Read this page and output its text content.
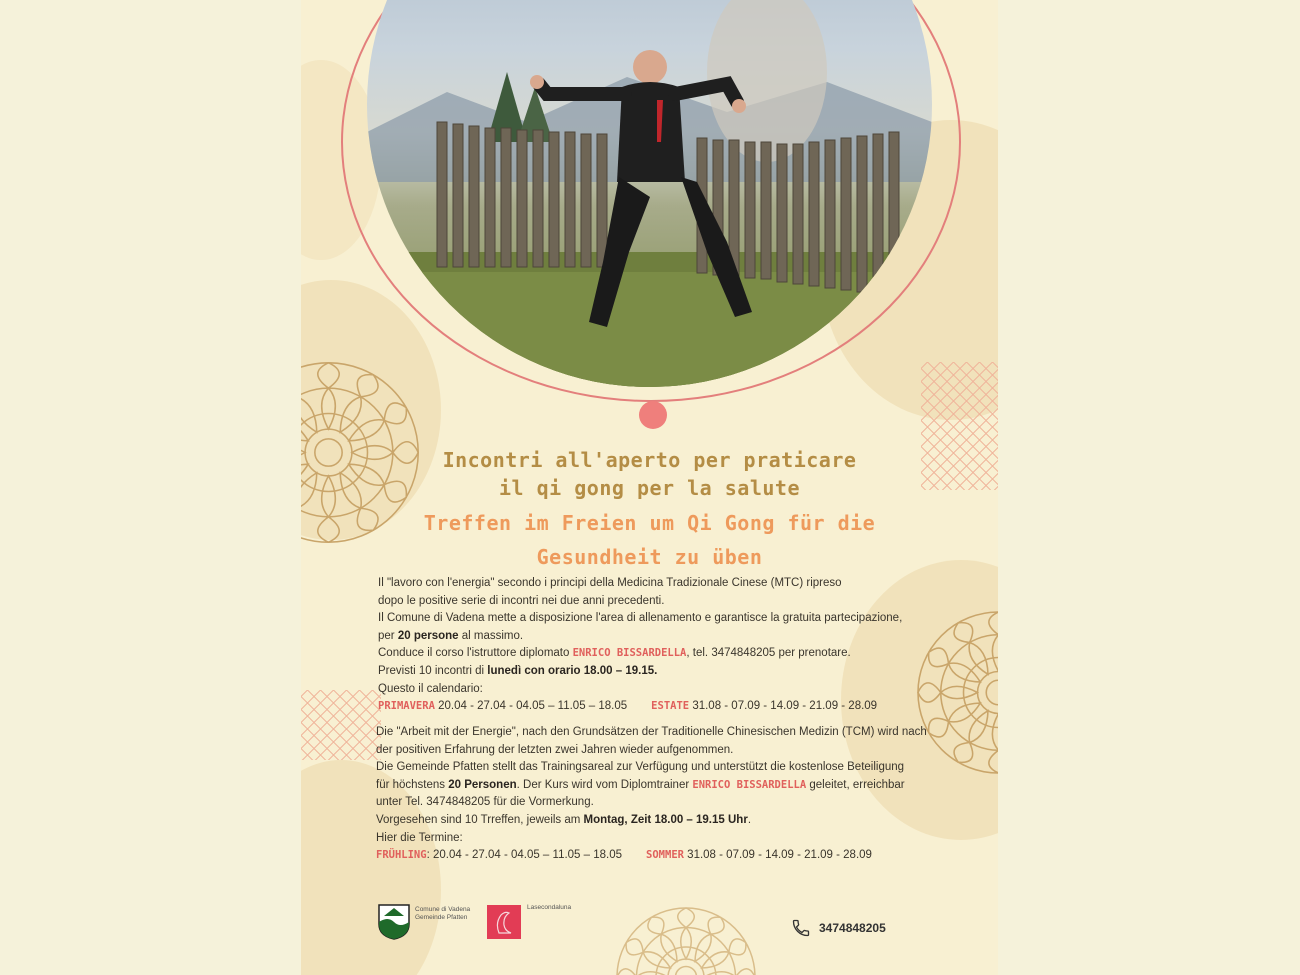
Incontri all'aperto per praticare
il qi gong per la salute
Treffen im Freien um Qi Gong für die
Gesundheit zu üben

Il "lavoro con l'energia" secondo i principi della Medicina Tradizionale Cinese (MTC) ripreso

dopo le positive serie di incontri nei due anni precedenti.

Il Comune di Vadena mette a disposizione l'area di allenamento e garantisce la gratuita partecipazione,

per 20 persone al massimo.

Conduce il corso l'istruttore diplomato ENRICO BISSARDELLA, tel. 3474848205 per prenotare.

Previsti 10 incontri di lunedì con orario 18.00 – 19.15.

Questo il calendario:

PRIMAVERA 20.04 - 27.04 - 04.05 – 11.05 – 18.05 ESTATE 31.08 - 07.09 - 14.09 - 21.09 - 28.09

Die "Arbeit mit der Energie", nach den Grundsätzen der Traditionelle Chinesischen Medizin (TCM) wird nach

der positiven Erfahrung der letzten zwei Jahren wieder aufgenommen.

Die Gemeinde Pfatten stellt das Trainingsareal zur Verfügung und unterstützt die kostenlose Beteiligung

für höchstens 20 Personen. Der Kurs wird vom Diplomtrainer ENRICO BISSARDELLA geleitet, erreichbar

unter Tel. 3474848205 für die Vormerkung.

Vorgesehen sind 10 Trreffen, jeweils am Montag, Zeit 18.00 – 19.15 Uhr.

Hier die Termine:

FRÜHLING: 20.04 - 27.04 - 04.05 – 11.05 – 18.05 SOMMER 31.08 - 07.09 - 14.09 - 21.09 - 28.09

Comune di Vadena
Gemeinde Pfatten
Lasecondaluna
3474848205
